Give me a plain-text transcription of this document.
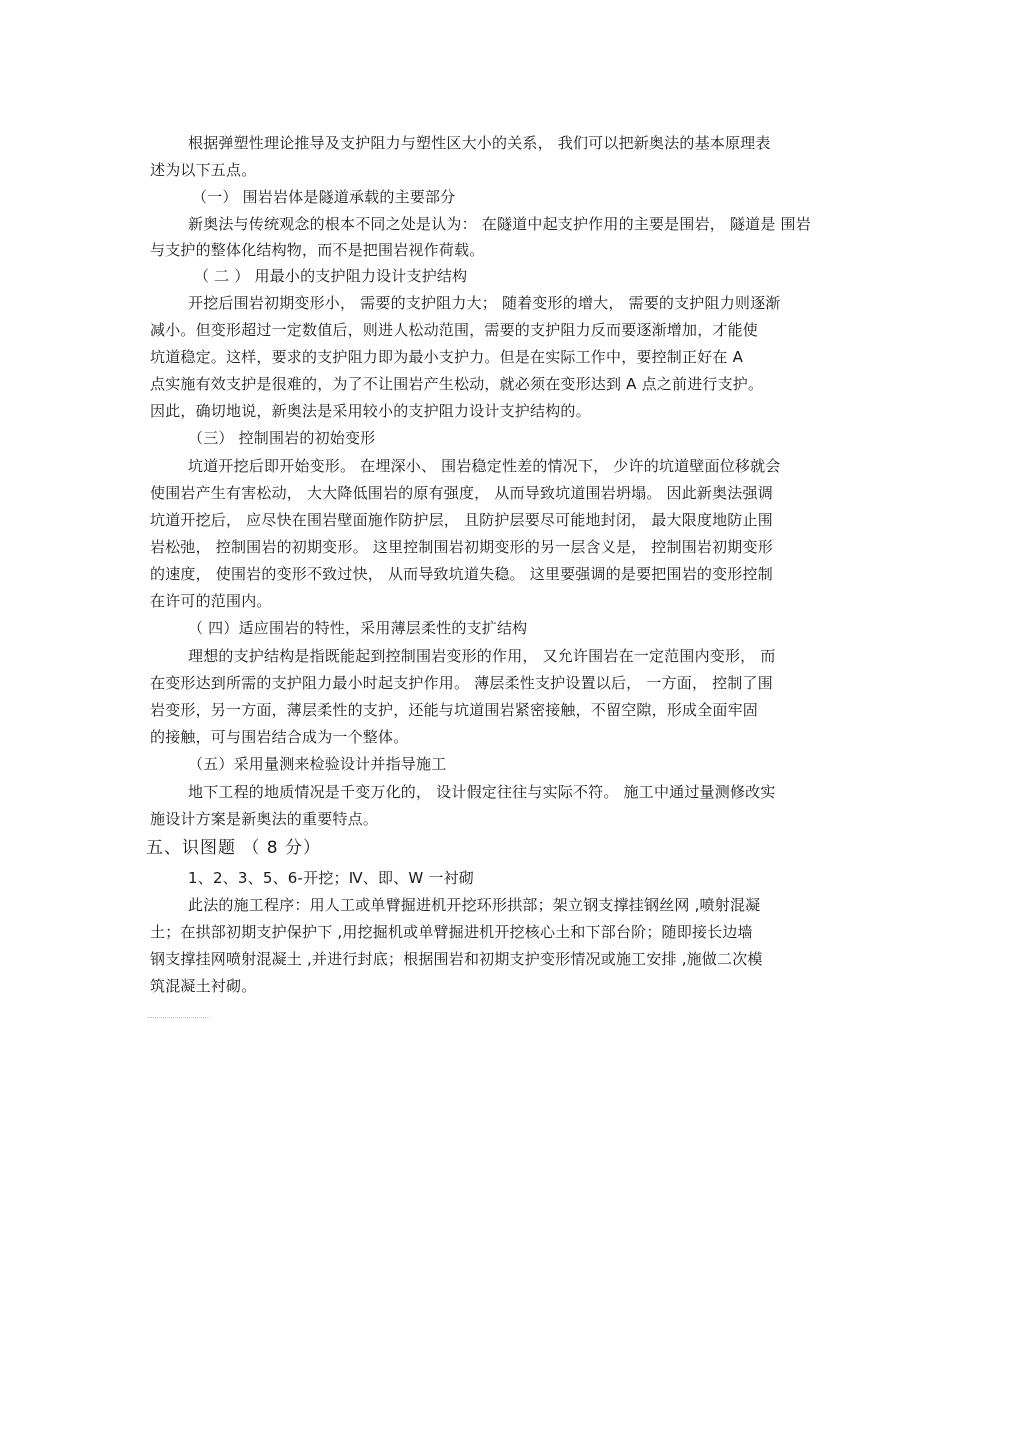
根据弹塑性理论推导及支护阻力与塑性区大小的关系， 我们可以把新奥法的基本原理表
述为以下五点。
（一） 围岩岩体是隧道承载的主要部分
新奥法与传统观念的根本不同之处是认为： 在隧道中起支护作用的主要是围岩， 隧道是 围岩
与支护的整体化结构物，而不是把围岩视作荷载。
（ 二 ） 用最小的支护阻力设计支护结构
开挖后围岩初期变形小， 需要的支护阻力大； 随着变形的增大， 需要的支护阻力则逐渐
减小。但变形超过一定数值后，则进人松动范围，需要的支护阻力反而要逐渐增加，才能使
坑道稳定。这样，要求的支护阻力即为最小支护力。但是在实际工作中，要控制正好在 A
点实施有效支护是很难的，为了不让围岩产生松动，就必须在变形达到 A 点之前进行支护。
因此，确切地说，新奥法是采用较小的支护阻力设计支护结构的。
（三） 控制围岩的初始变形
坑道开挖后即开始变形。 在埋深小、 围岩稳定性差的情况下， 少许的坑道壁面位移就会
使围岩产生有害松动， 大大降低围岩的原有强度， 从而导致坑道围岩坍塌。 因此新奥法强调
坑道开挖后， 应尽快在围岩壁面施作防护层， 且防护层要尽可能地封闭， 最大限度地防止围
岩松弛， 控制围岩的初期变形。 这里控制围岩初期变形的另一层含义是， 控制围岩初期变形
的速度， 使围岩的变形不致过快， 从而导致坑道失稳。 这里要强调的是要把围岩的变形控制
在许可的范围内。
（ 四）适应围岩的特性，采用薄层柔性的支扩结构
理想的支护结构是指既能起到控制围岩变形的作用， 又允许围岩在一定范围内变形， 而
在变形达到所需的支护阻力最小时起支护作用。 薄层柔性支护设置以后， 一方面， 控制了围
岩变形，另一方面，薄层柔性的支护，还能与坑道围岩紧密接触，不留空隙，形成全面牢固
的接触，可与围岩结合成为一个整体。
（五）采用量测来检验设计并指导施工
地下工程的地质情况是千变万化的， 设计假定往往与实际不符。 施工中通过量测修改实
施设计方案是新奥法的重要特点。
五、识图题 （ 8 分）
1、2、3、5、6-开挖；Ⅳ、即、W 一衬砌
此法的施工程序：用人工或单臂掘进机开挖环形拱部；架立钢支撑挂钢丝网 ,喷射混凝
土；在拱部初期支护保护下 ,用挖掘机或单臂掘进机开挖核心土和下部台阶；随即接长边墙
钢支撑挂网喷射混凝土 ,并进行封底；根据围岩和初期支护变形情况或施工安排 ,施做二次模
筑混凝土衬砌。
